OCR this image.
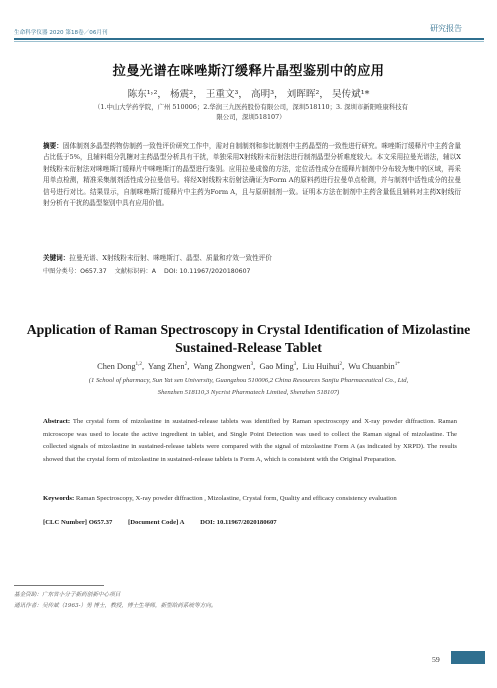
生命科学仪器 2020 第18卷／06月刊	研究报告
拉曼光谱在咪唑斯汀缓释片晶型鉴别中的应用
陈东¹˒²， 杨震²， 王重文³， 高明³， 刘晖晖²， 吴传斌¹*
（1.中山大学药学院，广州 510006；2.华润三九医药股份有限公司，深圳518110；3. 深圳市新阳唯康科技有限公司，深圳518107）
摘要：固体制剂多晶型药物仿制药一致性评价研究工作中，需对自制制剂和参比制剂中主药晶型的一致性进行研究。咪唑斯汀缓释片中主药含量占比低于5%，且辅料组分乳糖对主药晶型分析具有干扰，单独采用X射线粉末衍射法进行制剂晶型分析难度较大。本文采用拉曼光谱法，辅以X射线粉末衍射法对咪唑斯汀缓释片中咪唑斯汀的晶型进行鉴别。应用拉曼成像的方法，定位活性成分在缓释片制剂中分布较为集中的区域，再采用单点检测，精准采集制剂活性成分拉曼信号。将经X射线粉末衍射法确证为Form A的原料药进行拉曼单点检测，并与制剂中活性成分的拉曼信号进行对比。结果显示，自制咪唑斯汀缓释片中主药为Form A，且与原研制剂一致。证明本方法在制剂中主药含量低且辅料对主药X射线衍射分析有干扰的晶型鉴别中具有应用价值。
关键词：拉曼光谱、X射线粉末衍射、咪唑斯汀、晶型、质量和疗效一致性评价
中图分类号：O657.37 文献标识码：A DOI: 10.11967/2020180607
Application of Raman Spectroscopy in Crystal Identification of Mizolastine Sustained-Release Tablet
Chen Dong$^{1,2}$,  Yang Zhen$^2$,  Wang Zhongwen$^3$,  Gao Ming$^3$,  Liu Huihui$^2$,  Wu Chuanbin$^{1*}$
(1 School of pharmacy, Sun Yat sen University, Guangzhou 510006,2 China Resources Sanjiu Pharmaceutical Co., Ltd,
Shenzhen 518110,3 Nycrist Pharmatech Limited, Shenzhen 518107)
Abstract: The crystal form of mizolastine in sustained-release tablets was identified by Raman spectroscopy and X-ray powder diffraction. Raman microscope was used to locate the active ingredient in tablet, and Single Point Detection was used to collect the Raman signal of mizolastine. The collected signals of mizolastine in sustained-release tablets were compared with the signal of mizolastine Form A (as indicated by XRPD). The results showed that the crystal form of mizolastine in sustained-release tablets is Form A, which is consistent with the Original Preparation.
Keywords: Raman Spectroscopy, X-ray powder diffraction , Mizolastine, Crystal form, Quality and efficacy consistency evaluation
[CLC Number] O657.37 [Document Code] A DOI: 10.11967/2020180607
基金资助：广东省小分子新药创新中心项目
通讯作者：吴传斌（1963-）男 博士，教授，博士生导师，新型给药系统等方向。
59
